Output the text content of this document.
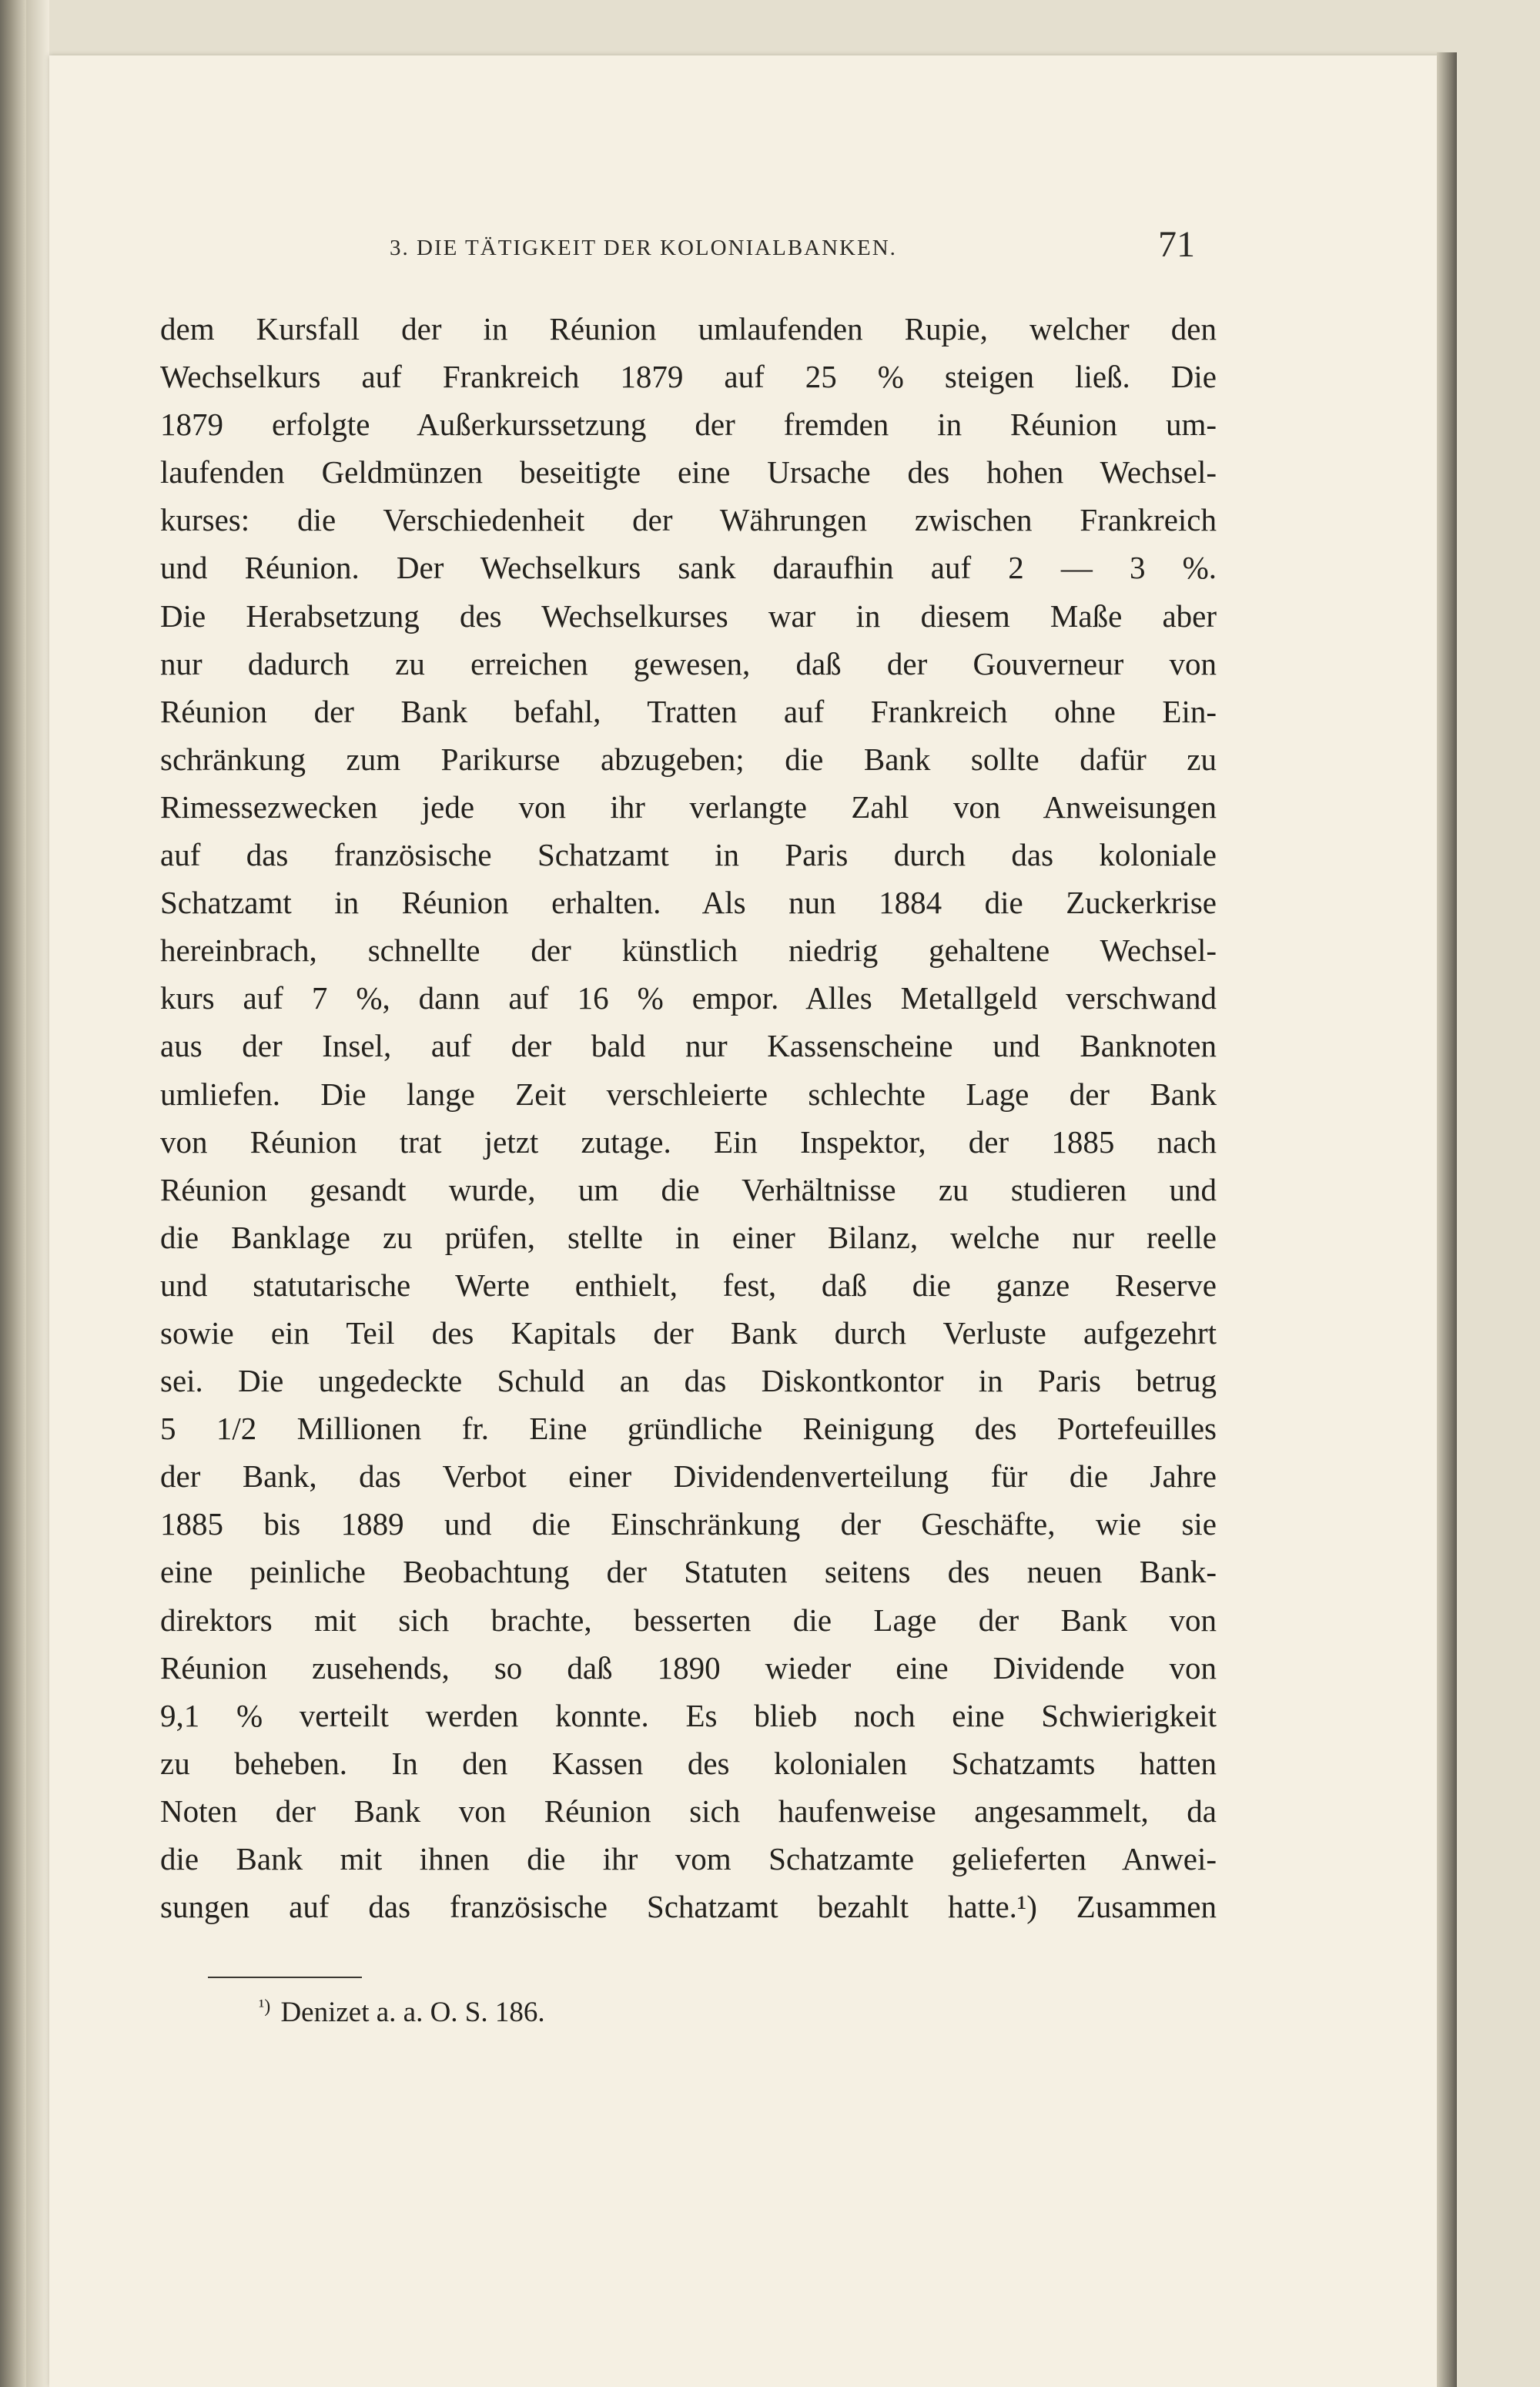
3. DIE TÄTIGKEIT DER KOLONIALBANKEN.	71
dem Kursfall der in Réunion umlaufenden Rupie, welcher den
Wechselkurs auf Frankreich 1879 auf 25 % steigen ließ. Die
1879 erfolgte Außerkurssetzung der fremden in Réunion um-
laufenden Geldmünzen beseitigte eine Ursache des hohen Wechsel-
kurses: die Verschiedenheit der Währungen zwischen Frankreich
und Réunion. Der Wechselkurs sank daraufhin auf 2 — 3 %.
Die Herabsetzung des Wechselkurses war in diesem Maße aber
nur dadurch zu erreichen gewesen, daß der Gouverneur von
Réunion der Bank befahl, Tratten auf Frankreich ohne Ein-
schränkung zum Parikurse abzugeben; die Bank sollte dafür zu
Rimessezwecken jede von ihr verlangte Zahl von Anweisungen
auf das französische Schatzamt in Paris durch das koloniale
Schatzamt in Réunion erhalten. Als nun 1884 die Zuckerkrise
hereinbrach, schnellte der künstlich niedrig gehaltene Wechsel-
kurs auf 7 %, dann auf 16 % empor. Alles Metallgeld verschwand
aus der Insel, auf der bald nur Kassenscheine und Banknoten
umliefen. Die lange Zeit verschleierte schlechte Lage der Bank
von Réunion trat jetzt zutage. Ein Inspektor, der 1885 nach
Réunion gesandt wurde, um die Verhältnisse zu studieren und
die Banklage zu prüfen, stellte in einer Bilanz, welche nur reelle
und statutarische Werte enthielt, fest, daß die ganze Reserve
sowie ein Teil des Kapitals der Bank durch Verluste aufgezehrt
sei. Die ungedeckte Schuld an das Diskontkontor in Paris betrug
5 1/2 Millionen fr. Eine gründliche Reinigung des Portefeuilles
der Bank, das Verbot einer Dividendenverteilung für die Jahre
1885 bis 1889 und die Einschränkung der Geschäfte, wie sie
eine peinliche Beobachtung der Statuten seitens des neuen Bank-
direktors mit sich brachte, besserten die Lage der Bank von
Réunion zusehends, so daß 1890 wieder eine Dividende von
9,1 % verteilt werden konnte. Es blieb noch eine Schwierigkeit
zu beheben. In den Kassen des kolonialen Schatzamts hatten
Noten der Bank von Réunion sich haufenweise angesammelt, da
die Bank mit ihnen die ihr vom Schatzamte gelieferten Anwei-
sungen auf das französische Schatzamt bezahlt hatte.¹) Zusammen
$^{^1)}$ Denizet a. a. O. S. 186.
